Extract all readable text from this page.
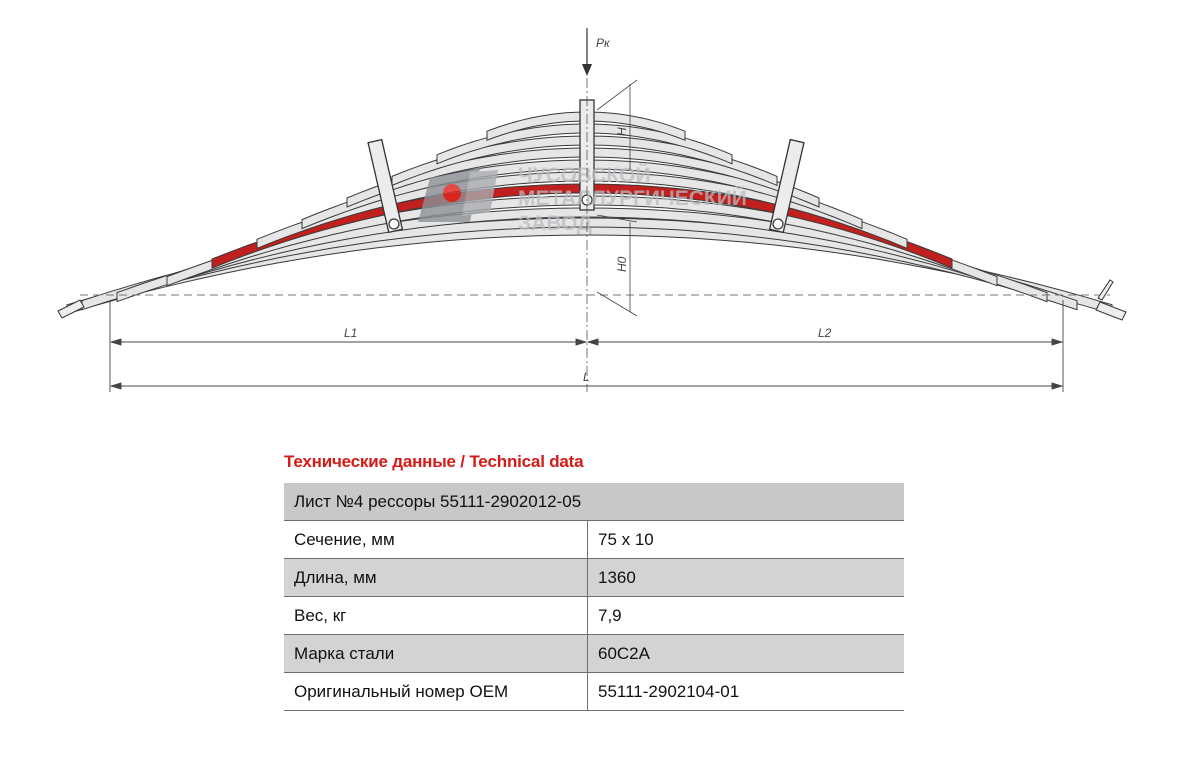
ЧУСОВСКОЙ
МЕТАЛЛУРГИЧЕСКИЙ
ЗАВОД
Рк
H
H0
L1	L2
L
Технические данные / Technical data
Лист №4 рессоры 55111-2902012-05	
Сечение, мм	75 х 10
Длина, мм	1360
Вес, кг	7,9
Марка стали	60С2А
Оригинальный номер OEM	55111-2902104-01
